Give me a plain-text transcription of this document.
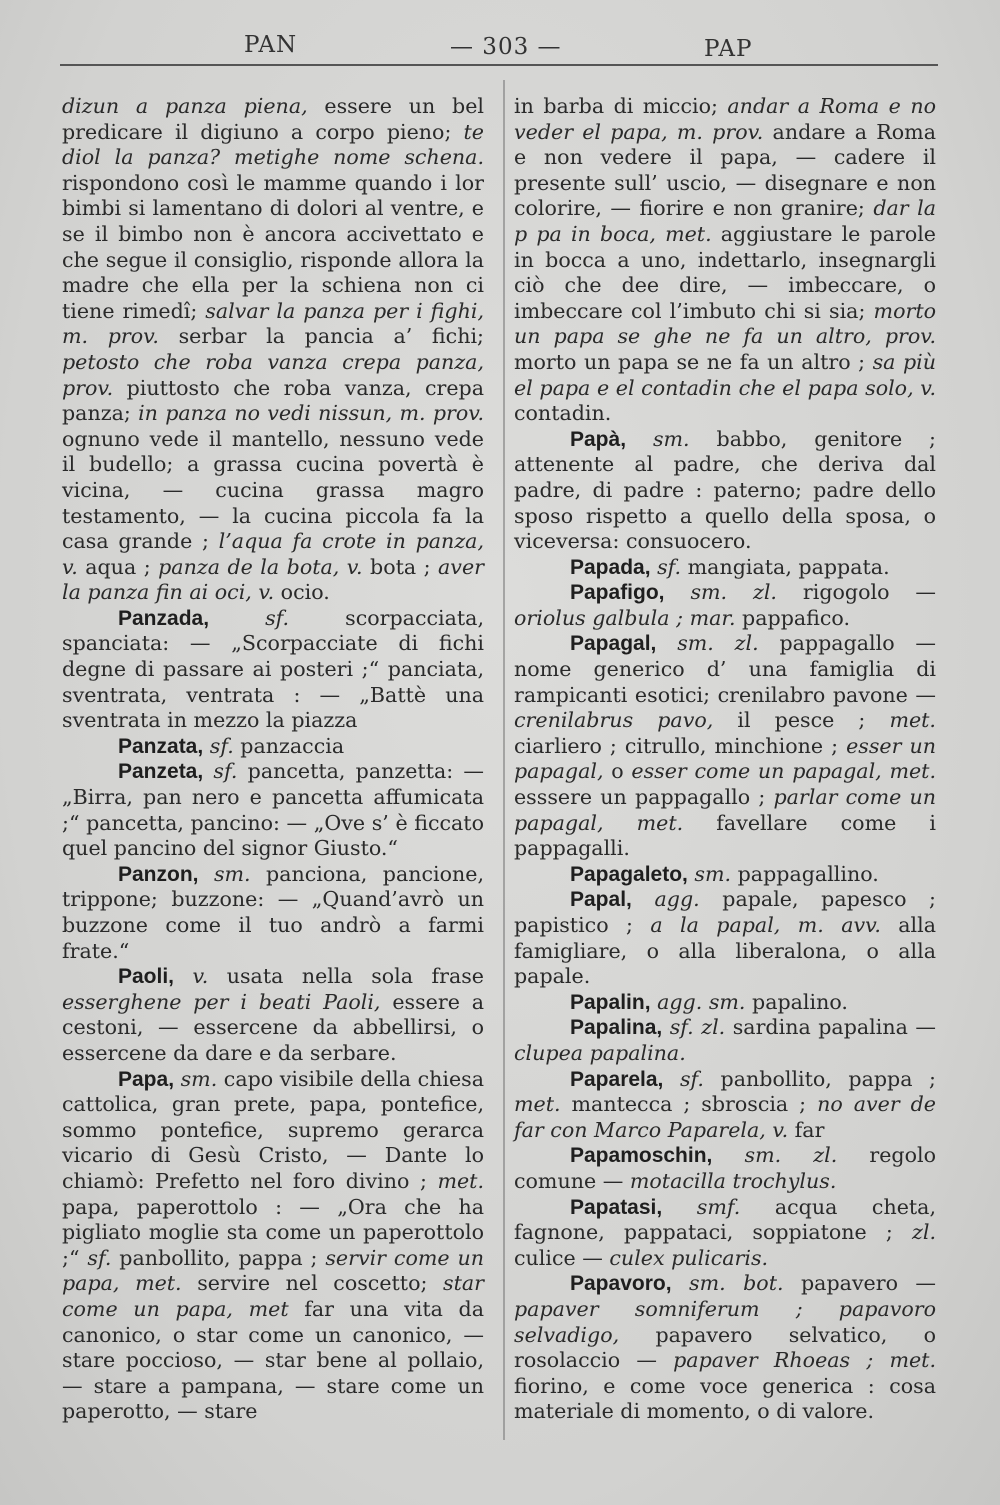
PAN	— 303 —	PAP

dizun a panza piena, essere un bel predicare il digiuno a corpo pieno; te diol la panza? metighe nome schena. rispondono così le mamme quando i lor bimbi si lamentano di dolori al ventre, e se il bimbo non è ancora accivettato e che segue il consiglio, risponde allora la madre che ella per la schiena non ci tiene rimedî; salvar la panza per i fighi, m. prov. serbar la pancia a’ fichi; petosto che roba vanza crepa panza, prov. piuttosto che roba vanza, crepa panza; in panza no vedi nissun, m. prov. ognuno vede il mantello, nessuno vede il budello; a grassa cucina povertà è vicina, — cucina grassa magro testamento, — la cucina piccola fa la casa grande ; l’aqua fa crote in panza, v. aqua ; panza de la bota, v. bota ; aver la panza fin ai oci, v. ocio.

Panzada,	sf. scorpacciata, spanciata: — „Scorpacciate di fichi degne di passare ai posteri ;“ panciata, sventrata, ventrata : — „Battè una sventrata in mezzo la piazza

Panzata, sf. panzaccia

Panzeta, sf. pancetta, panzetta: — „Birra, pan nero e pancetta affumicata ;“ pancetta, pancino: — „Ove s’ è ficcato quel pancino del signor Giusto.“

Panzon, sm. panciona, pancione, trippone; buzzone: — „Quand’avrò un buzzone come il tuo andrò a farmi frate.“

Paoli, v. usata nella sola frase esserghene per i beati Paoli, essere a cestoni, — essercene da abbellirsi, o essercene da dare e da serbare.

Papa, sm. capo visibile della chiesa cattolica, gran prete, papa, pontefice, sommo pontefice, supremo gerarca vicario di Gesù Cristo, — Dante lo chiamò: Prefetto nel foro divino ; met. papa, paperottolo : — „Ora che ha pigliato moglie sta come un paperottolo ;“ sf. panbollito, pappa ; servir come un papa, met. servire nel coscetto; star come un papa, met far una vita da canonico, o star come un canonico, — stare poccioso, — star bene al pollaio, — stare a pampana, — stare come un paperotto, — stare

in barba di miccio; andar a Roma e no veder el papa, m. prov. andare a Roma e non vedere il papa, — cadere il presente sull’ uscio, — disegnare e non colorire, — fiorire e non granire; dar la p pa in boca, met. aggiustare le parole in bocca a uno, indettarlo, insegnargli ciò che dee dire, — imbeccare, o imbeccare col l’imbuto chi si sia; morto un papa se ghe ne fa un altro, prov. morto un papa se ne fa un altro ; sa più el papa e el contadin che el papa solo, v. contadin.

Papà, sm. babbo, genitore ; attenente al padre, che deriva dal padre, di padre : paterno; padre dello sposo rispetto a quello della sposa, o viceversa: consuocero.

Papada, sf. mangiata, pappata.

Papafigo, sm. zl. rigogolo — oriolus galbula ; mar. pappafico.

Papagal, sm. zl. pappagallo — nome generico d’ una famiglia di rampicanti esotici; crenilabro pavone — crenilabrus pavo, il pesce ; met. ciarliero ; citrullo, minchione ; esser un papagal, o esser come un papagal, met. esssere un pappagallo ; parlar come un papagal, met. favellare come i pappagalli.

Papagaleto, sm. pappagallino.

Papal, agg. papale, papesco ; papistico ; a la papal, m. avv. alla famigliare, o alla liberalona, o alla papale.

Papalin, agg. sm. papalino.

Papalina, sf. zl. sardina papalina — clupea papalina.

Paparela, sf. panbollito, pappa ; met. mantecca ; sbroscia ; no aver de far con Marco Paparela, v. far

Papamoschin, sm. zl. regolo comune — motacilla trochylus.

Papatasi, smf. acqua cheta, fagnone, pappataci, soppiatone ; zl. culice — culex pulicaris.

Papavoro, sm. bot. papavero — papaver somniferum ; papavoro selvadigo, papavero selvatico, o rosolaccio — papaver Rhoeas ; met. fiorino, e come voce generica : cosa materiale di momento, o di valore.
